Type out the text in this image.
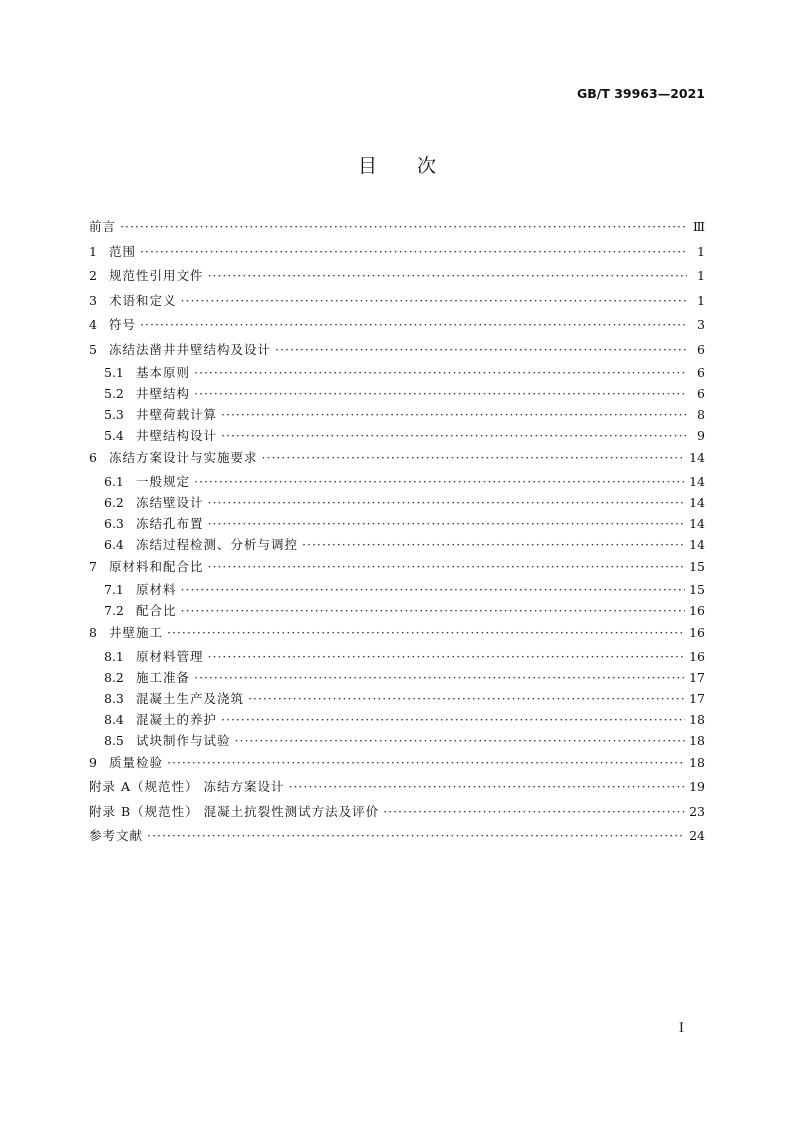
GB/T 39963—2021
目次
前言 ·····	Ⅲ
1 范围 ·····	1
2 规范性引用文件 ·····	1
3 术语和定义 ·····	1
4 符号 ·····	3
5 冻结法凿井井壁结构及设计 ·····	6
5.1 基本原则 ·····	6
5.2 井壁结构 ·····	6
5.3 井壁荷载计算 ·····	8
5.4 井壁结构设计 ·····	9
6 冻结方案设计与实施要求 ·····	14
6.1 一般规定 ·····	14
6.2 冻结壁设计 ·····	14
6.3 冻结孔布置 ·····	14
6.4 冻结过程检测、分析与调控 ·····	14
7 原材料和配合比 ·····	15
7.1 原材料 ·····	15
7.2 配合比 ·····	16
8 井壁施工 ·····	16
8.1 原材料管理 ·····	16
8.2 施工准备 ·····	17
8.3 混凝土生产及浇筑 ·····	17
8.4 混凝土的养护 ·····	18
8.5 试块制作与试验 ·····	18
9 质量检验 ·····	18
附录 A（规范性） 冻结方案设计 ·····	19
附录 B（规范性） 混凝土抗裂性测试方法及评价 ·····	23
参考文献 ·····	24
I
